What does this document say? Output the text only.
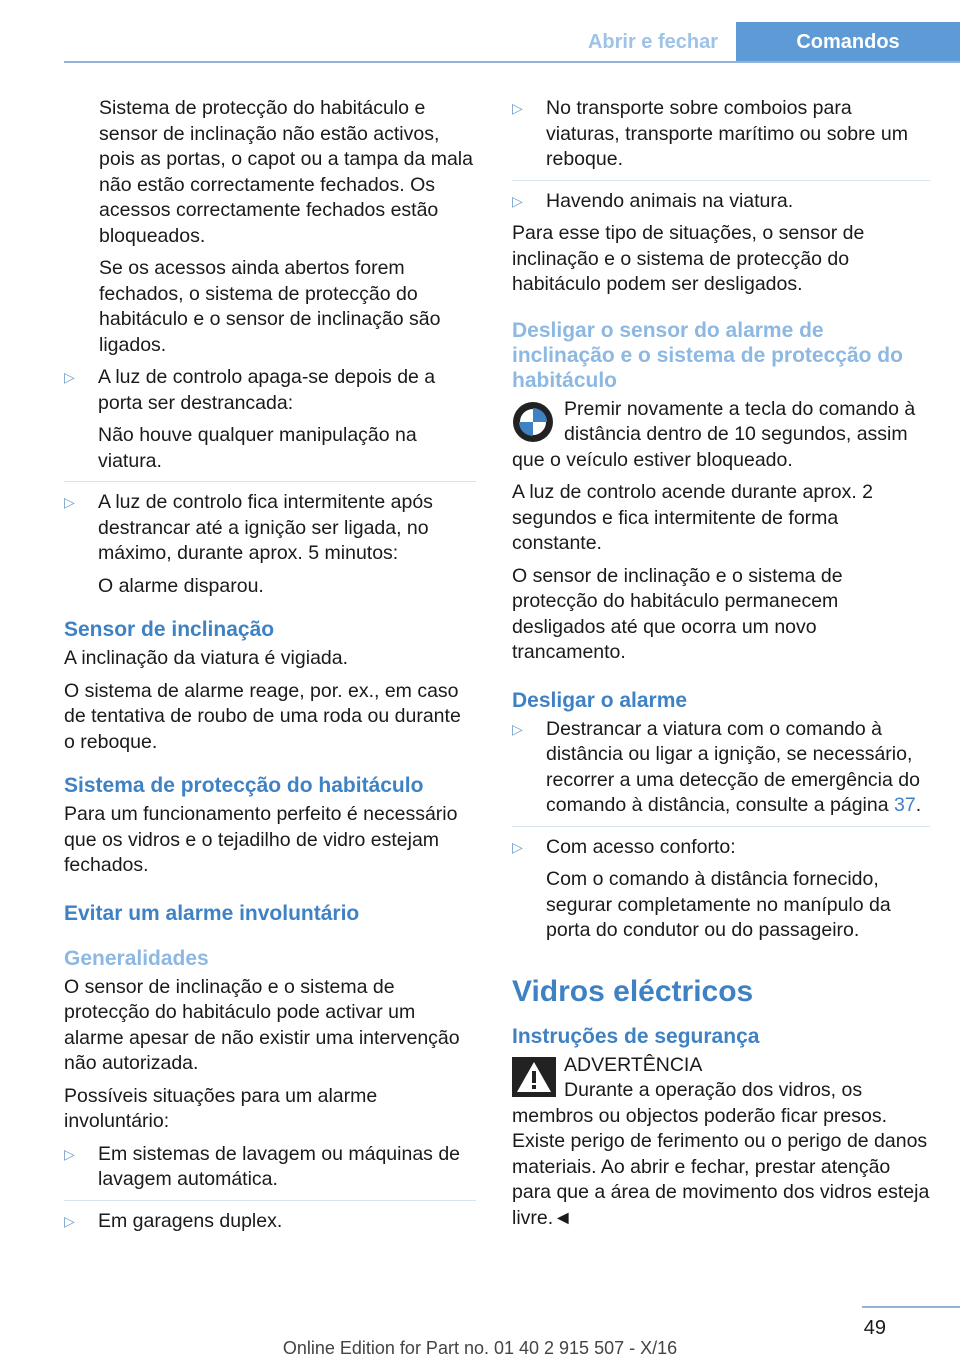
Abrir e fechar	Comandos

Sistema de protecção do habitáculo e sensor de inclinação não estão activos, pois as portas, o capot ou a tampa da mala não estão correctamente fechados. Os acessos correctamente fechados estão bloqueados.

Se os acessos ainda abertos forem fechados, o sistema de protecção do habitáculo e o sensor de inclinação são ligados.

▷ A luz de controlo apaga-se depois de a porta ser destrancada:

Não houve qualquer manipulação na viatura.

▷ A luz de controlo fica intermitente após destrancar até a ignição ser ligada, no máximo, durante aprox. 5 minutos:

O alarme disparou.

Sensor de inclinação

A inclinação da viatura é vigiada.

O sistema de alarme reage, por. ex., em caso de tentativa de roubo de uma roda ou durante o reboque.

Sistema de protecção do habitáculo

Para um funcionamento perfeito é necessário que os vidros e o tejadilho de vidro estejam fechados.

Evitar um alarme involuntário
Generalidades

O sensor de inclinação e o sistema de protecção do habitáculo pode activar um alarme apesar de não existir uma intervenção não autorizada.

Possíveis situações para um alarme involuntário:

▷ Em sistemas de lavagem ou máquinas de lavagem automática.

▷ Em garagens duplex.

▷ No transporte sobre comboios para viaturas, transporte marítimo ou sobre um reboque.

▷ Havendo animais na viatura.

Para esse tipo de situações, o sensor de inclinação e o sistema de protecção do habitáculo podem ser desligados.

Desligar o sensor do alarme de inclinação e o sistema de protecção do habitáculo

Premir novamente a tecla do comando à distância dentro de 10 segundos, assim que o veículo estiver bloqueado.

A luz de controlo acende durante aprox. 2 segundos e fica intermitente de forma constante.

O sensor de inclinação e o sistema de protecção do habitáculo permanecem desligados até que ocorra um novo trancamento.

Desligar o alarme
▷ Destrancar a viatura com o comando à distância ou ligar a ignição, se necessário, recorrer a uma detecção de emergência do comando à distância, consulte a página 37.

▷ Com acesso conforto:

Com o comando à distância fornecido, segurar completamente no manípulo da porta do condutor ou do passageiro.

Vidros eléctricos
Instruções de segurança

ADVERTÊNCIA

Durante a operação dos vidros, os membros ou objectos poderão ficar presos. Existe perigo de ferimento ou o perigo de danos materiais. Ao abrir e fechar, prestar atenção para que a área de movimento dos vidros esteja livre.◄

49
Online Edition for Part no. 01 40 2 915 507 - X/16
